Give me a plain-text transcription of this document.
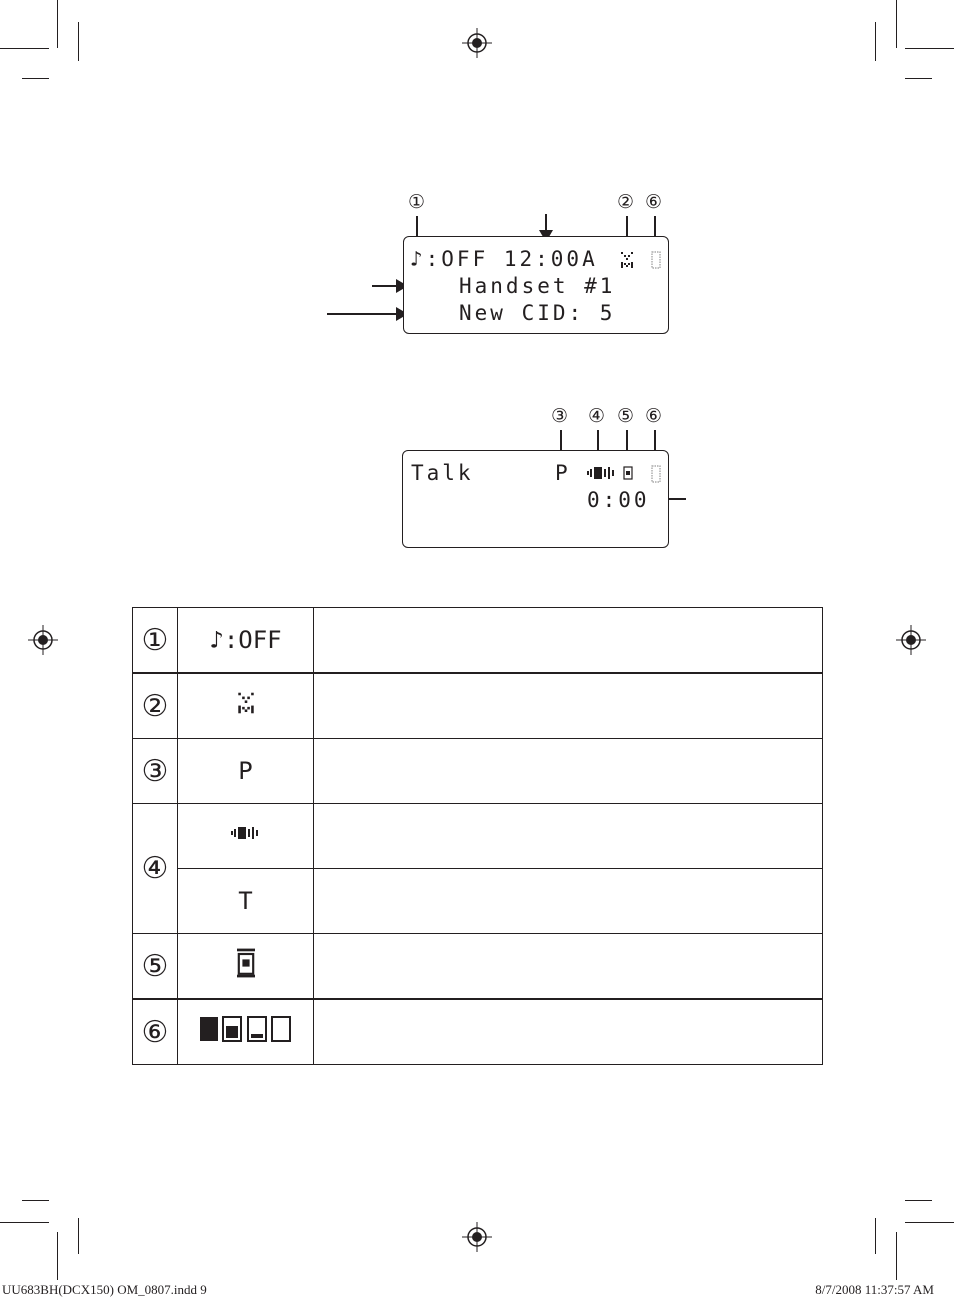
①	② ⑥
♪:OFF 12:00A
Handset #1
New CID: 5
③ ④ ⑤ ⑥
Talk	P
0:00
①	♪:OFF	
②		
③	P	
④		
	T	
⑤		
⑥		
UU683BH(DCX150) OM_0807.indd 9	8/7/2008 11:37:57 AM
